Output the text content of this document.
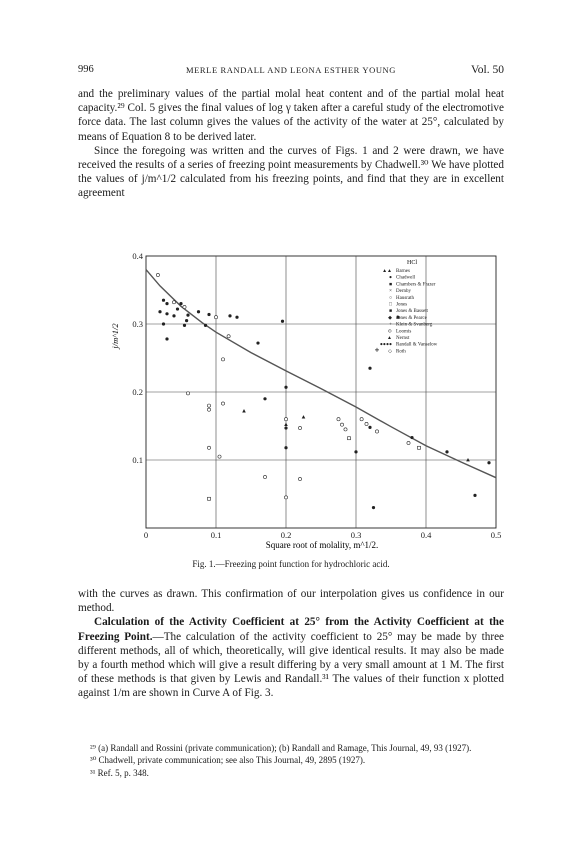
996	MERLE RANDALL AND LEONA ESTHER YOUNG	Vol. 50

and the preliminary values of the partial molal heat content and of the partial molal heat capacity.²⁹ Col. 5 gives the final values of log γ taken after a careful study of the electromotive force data. The last column gives the values of the activity of the water at 25°, calculated by means of Equation 8 to be derived later.

Since the foregoing was written and the curves of Figs. 1 and 2 were drawn, we have received the results of a series of freezing point measurements by Chadwell.³⁰ We have plotted the values of j/m^1/2 calculated from his freezing points, and find that they are in excellent agreement

0	0.1	0.2	0.3	0.4	0.5
0.1
0.2
0.3
0.4
j/m^1/2
HCl
▲▲ Barnes
● Chadwell
■ Chambers & Frazer
× Dernby
○ Hausrath
□ Jones
■ Jones & Bassett
◆ Jones & Pearce
+ Klein & Svanberg
⊙ Loomis
▲ Nernst
●●●● Randall & Vanselow
◇ Roth
Square root of molality, m^1/2.
Fig. 1.—Freezing point function for hydrochloric acid.

with the curves as drawn. This confirmation of our interpolation gives us confidence in our method.

Calculation of the Activity Coefficient at 25° from the Activity Coefficient at the Freezing Point.—The calculation of the activity coefficient to 25° may be made by three different methods, all of which, theoretically, will give identical results. It may also be made by a fourth method which will give a result differing by a very small amount at 1 M. The first of these methods is that given by Lewis and Randall.³¹ The values of their function x plotted against 1/m are shown in Curve A of Fig. 3.

²⁹ (a) Randall and Rossini (private communication); (b) Randall and Ramage, This Journal, 49, 93 (1927).

³⁰ Chadwell, private communication; see also This Journal, 49, 2895 (1927).

³¹ Ref. 5, p. 348.
